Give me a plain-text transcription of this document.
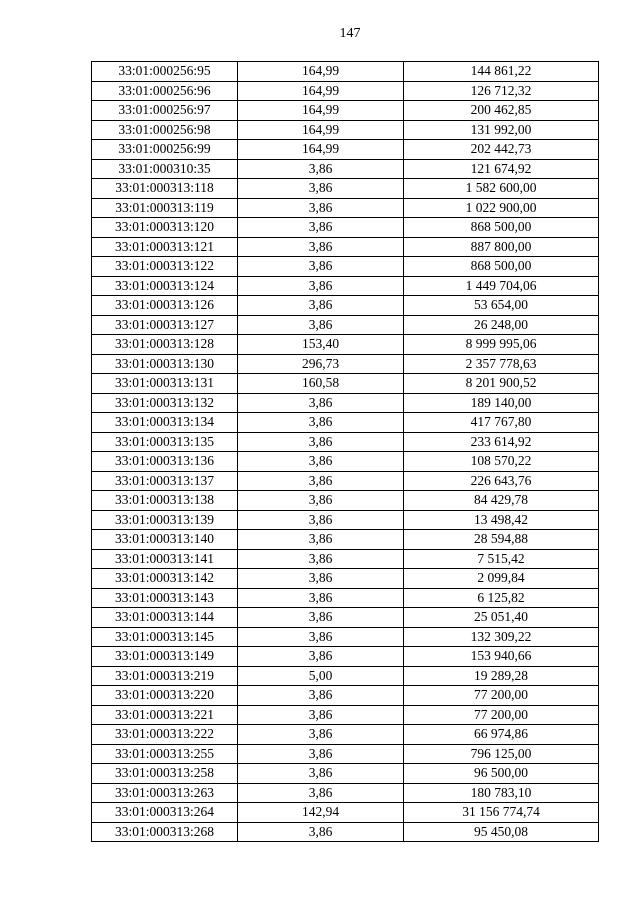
147
33:01:000256:95	164,99	144 861,22
33:01:000256:96	164,99	126 712,32
33:01:000256:97	164,99	200 462,85
33:01:000256:98	164,99	131 992,00
33:01:000256:99	164,99	202 442,73
33:01:000310:35	3,86	121 674,92
33:01:000313:118	3,86	1 582 600,00
33:01:000313:119	3,86	1 022 900,00
33:01:000313:120	3,86	868 500,00
33:01:000313:121	3,86	887 800,00
33:01:000313:122	3,86	868 500,00
33:01:000313:124	3,86	1 449 704,06
33:01:000313:126	3,86	53 654,00
33:01:000313:127	3,86	26 248,00
33:01:000313:128	153,40	8 999 995,06
33:01:000313:130	296,73	2 357 778,63
33:01:000313:131	160,58	8 201 900,52
33:01:000313:132	3,86	189 140,00
33:01:000313:134	3,86	417 767,80
33:01:000313:135	3,86	233 614,92
33:01:000313:136	3,86	108 570,22
33:01:000313:137	3,86	226 643,76
33:01:000313:138	3,86	84 429,78
33:01:000313:139	3,86	13 498,42
33:01:000313:140	3,86	28 594,88
33:01:000313:141	3,86	7 515,42
33:01:000313:142	3,86	2 099,84
33:01:000313:143	3,86	6 125,82
33:01:000313:144	3,86	25 051,40
33:01:000313:145	3,86	132 309,22
33:01:000313:149	3,86	153 940,66
33:01:000313:219	5,00	19 289,28
33:01:000313:220	3,86	77 200,00
33:01:000313:221	3,86	77 200,00
33:01:000313:222	3,86	66 974,86
33:01:000313:255	3,86	796 125,00
33:01:000313:258	3,86	96 500,00
33:01:000313:263	3,86	180 783,10
33:01:000313:264	142,94	31 156 774,74
33:01:000313:268	3,86	95 450,08
